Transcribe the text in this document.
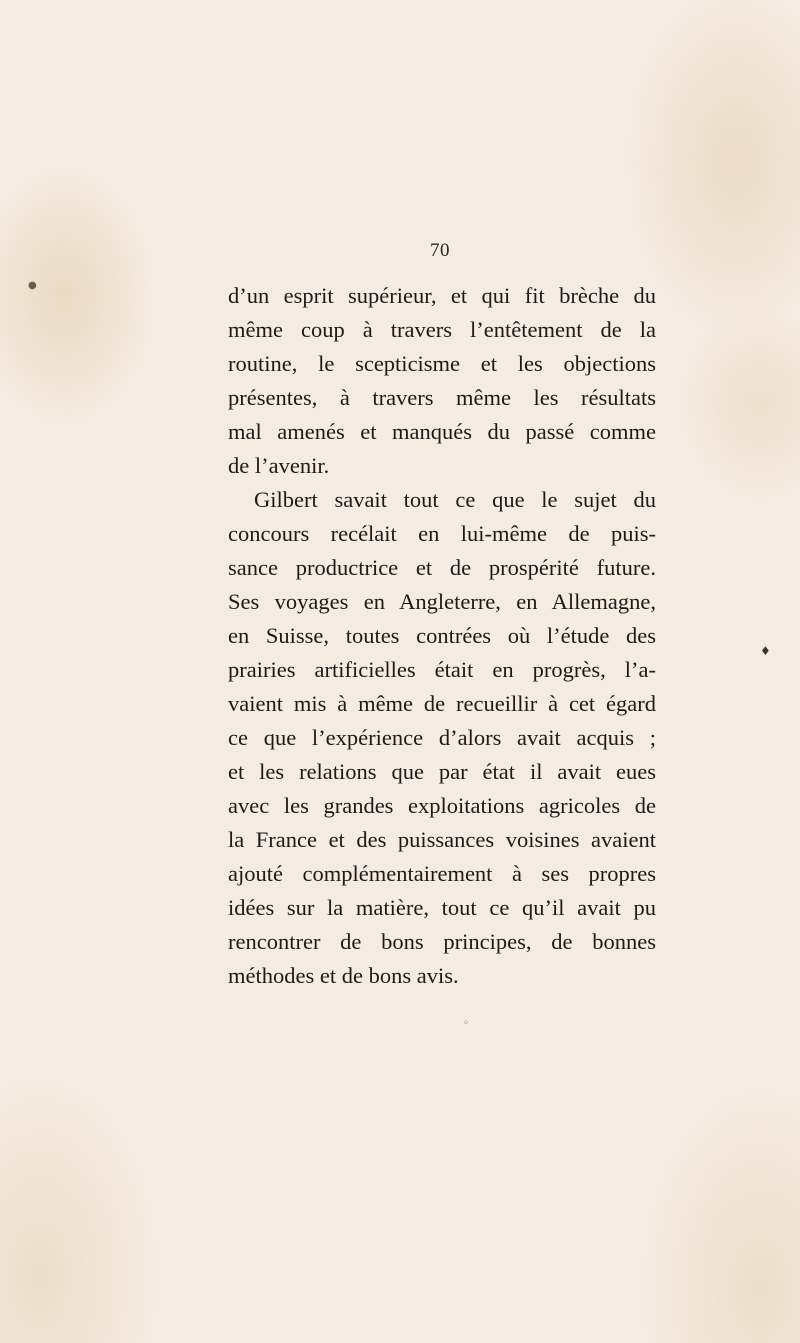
70
d’un esprit supérieur, et qui fit brèche du
même coup à travers l’entêtement de la
routine, le scepticisme et les objections
présentes, à travers même les résultats
mal amenés et manqués du passé comme
de l’avenir.
Gilbert savait tout ce que le sujet du
concours recélait en lui-même de puis-
sance productrice et de prospérité future.
Ses voyages en Angleterre, en Allemagne,
en Suisse, toutes contrées où l’étude des
prairies artificielles était en progrès, l’a-
vaient mis à même de recueillir à cet égard
ce que l’expérience d’alors avait acquis ;
et les relations que par état il avait eues
avec les grandes exploitations agricoles de
la France et des puissances voisines avaient
ajouté complémentairement à ses propres
idées sur la matière, tout ce qu’il avait pu
rencontrer de bons principes, de bonnes
méthodes et de bons avis.
●
♦
◦
